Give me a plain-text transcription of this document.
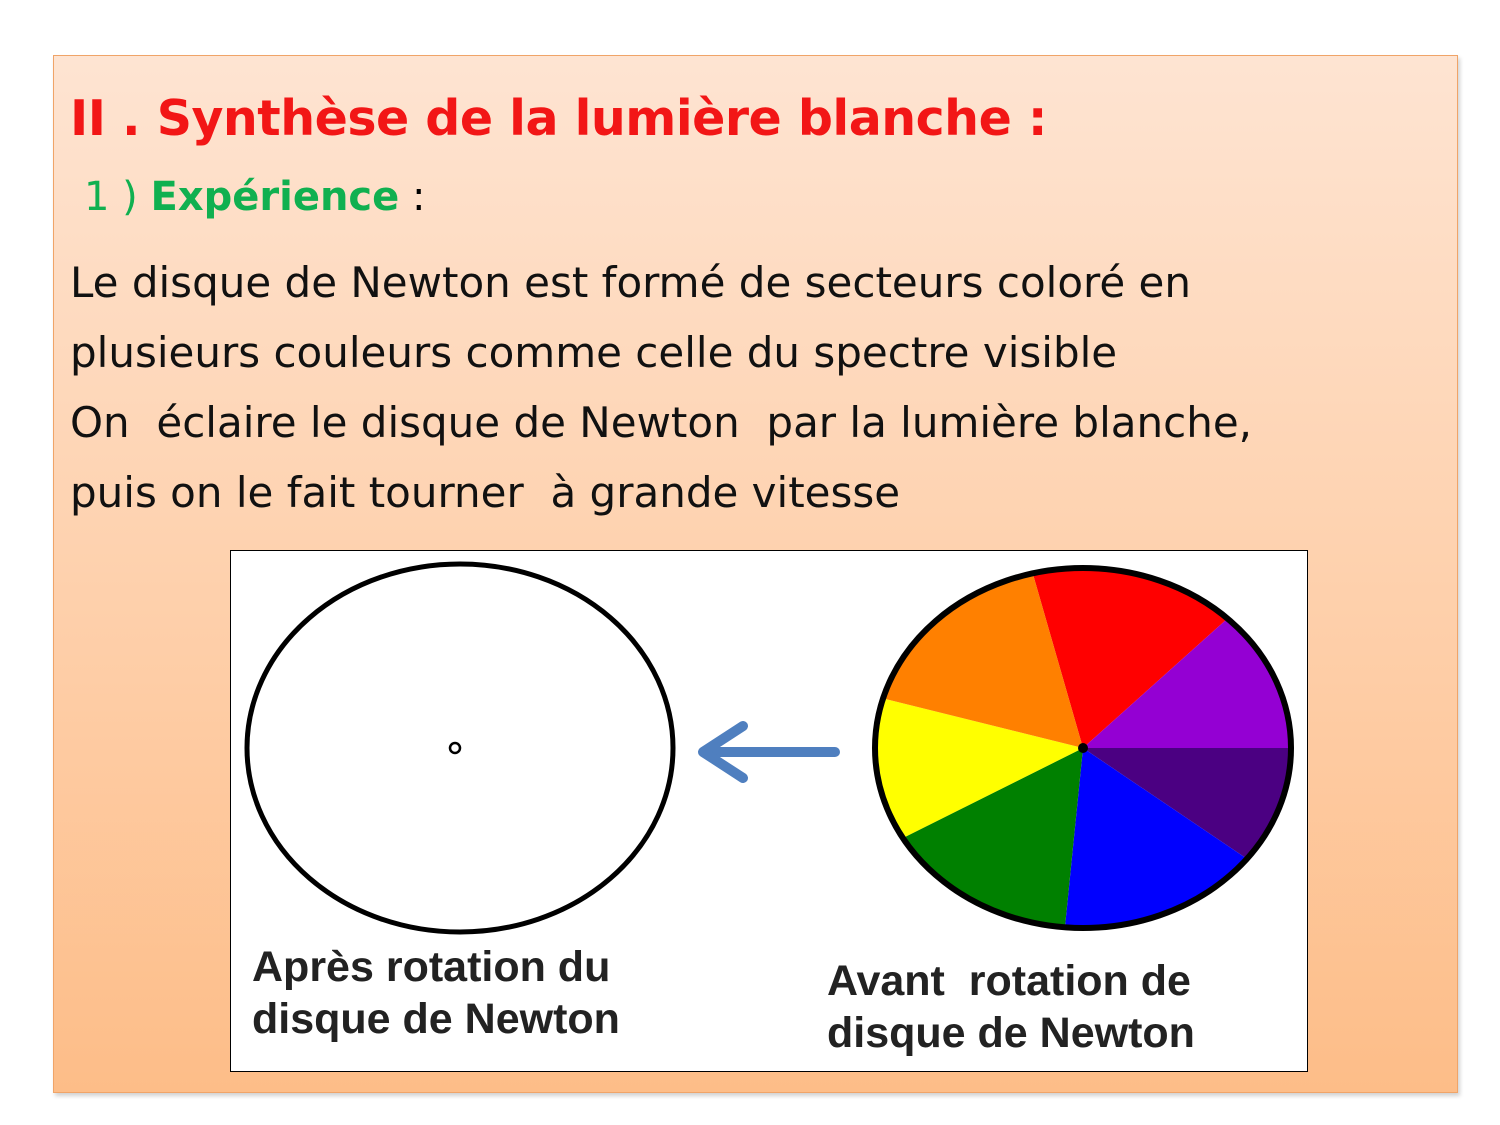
II . Synthèse de la lumière blanche :

1 ) Expérience :

Le disque de Newton est formé de secteurs coloré en
plusieurs couleurs comme celle du spectre visible
On  éclaire le disque de Newton  par la lumière blanche,
puis on le fait tourner  à grande vitesse

Après rotation du
disque de Newton

Avant  rotation de
disque de Newton
